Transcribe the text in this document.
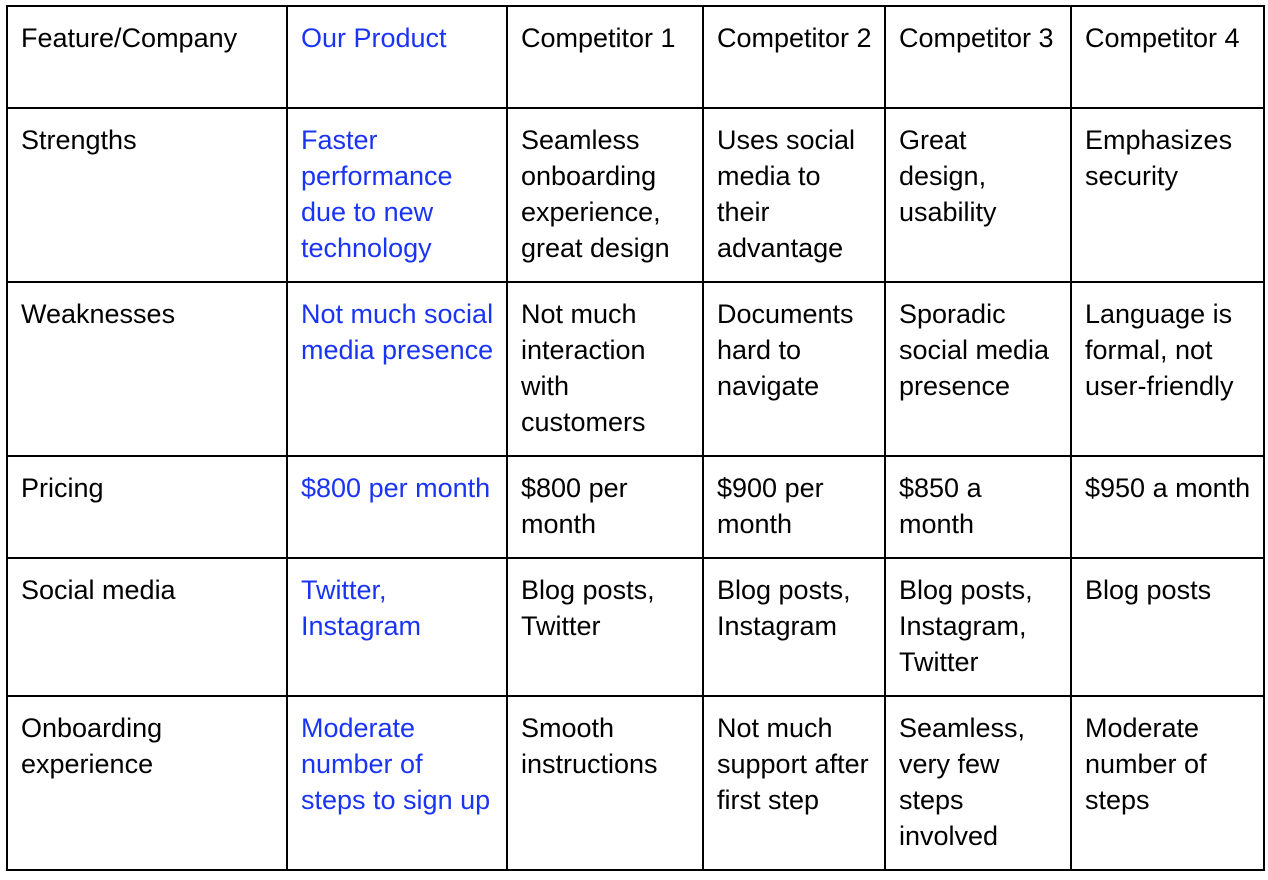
Feature/Company	Our Product	Competitor 1	Competitor 2	Competitor 3	Competitor 4
Strengths	Faster performance due to new technology	Seamless onboarding experience, great design	Uses social media to their advantage	Great design, usability	Emphasizes security
Weaknesses	Not much social media presence	Not much interaction with customers	Documents hard to navigate	Sporadic social media presence	Language is formal, not user-friendly
Pricing	$800 per month	$800 per month	$900 per month	$850 a month	$950 a month
Social media	Twitter, Instagram	Blog posts, Twitter	Blog posts, Instagram	Blog posts, Instagram, Twitter	Blog posts
Onboarding experience	Moderate number of steps to sign up	Smooth instructions	Not much support after first step	Seamless, very few steps involved	Moderate number of steps
